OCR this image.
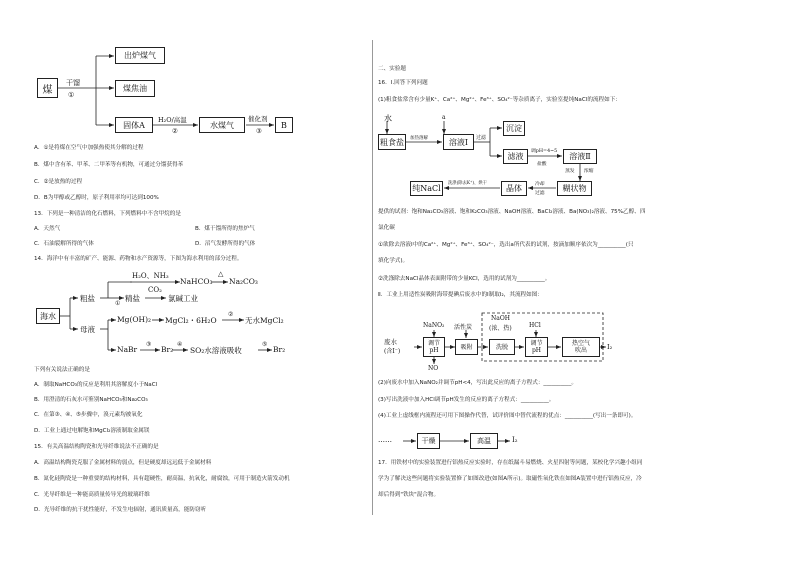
煤
干馏
①
出炉煤气
煤焦油
固体A
H₂O/高温
②
水煤气
催化剂
③
B
A．①是将煤在空气中加强热使其分解的过程
B．煤中含有苯、甲苯、二甲苯等有机物，可通过分馏获得苯
C．②是放热的过程
D．B为甲醇或乙醇时，原子利用率均可达到100%
13．下列是一种清洁的化石燃料，下列燃料中不含甲烷的是
A．天然气	B．煤干馏所得的焦炉气
C．石油裂解所得的气体	D．沼气发酵所得的气体
14．海洋中有丰富的矿产、能源、药物和水产资源等，下图为海水利用的部分过程。
海水
粗盐
①
H₂O、NH₃
CO₂
NaHCO₃
△
Na₂CO₃
精盐	氯碱工业
母液
Mg(OH)₂ MgCl₂・6H₂O
②
无水MgCl₂
NaBr
③
Br₂
④
SO₂水溶液吸收
⑤
Br₂
下列有关说法正确的是
A．制取NaHCO₃的反应是利用其溶解度小于NaCl
B．用澄清的石灰水可鉴别NaHCO₃和Na₂CO₃
C．在第③、④、⑤步骤中，溴元素均被氧化
D．工业上通过电解饱和MgCl₂溶液制取金属镁
15．有关高温结构陶瓷和光导纤维说法不正确的是
A．高温结构陶瓷克服了金属材料的弱点，但是硬度却远远低于金属材料
B．氮化硅陶瓷是一种重要的结构材料，具有超硬性，耐高温，抗氧化，耐腐蚀，可用于制造火箭发动机
C．光导纤维是一种能高质量传导光的玻璃纤维
D．光导纤维的抗干扰性能好，不发生电辐射，通讯质量高，能防窃听
二、实验题
16．I.回答下列问题
(1)粗食盐常含有少量K⁺、Ca²⁺、Mg²⁺、Fe³⁺、SO₄²⁻等杂质离子，实验室提纯NaCl的流程如下：
水	a
粗食盐 加热溶解	溶液Ⅰ 过滤
沉淀
滤液
调pH=4~5
盐酸
溶液Ⅱ
蒸发 浓缩
糊状物
冷却
过滤
晶体
洗涤(除去K⁺)、烘干
纯NaCl
提供的试剂：饱和Na₂CO₃溶液、饱和K₂CO₃溶液、NaOH溶液、BaCl₂溶液、Ba(NO₃)₂溶液、75%乙醇、四
氯化碳
①欲除去溶液Ⅰ中的Ca²⁺、Mg²⁺、Fe³⁺、SO₄²⁻，选出a所代表的试剂，按滴加顺序依次为__________(只
填化学式)。
②洗涤除去NaCl晶体表面附带的少量KCl，选用的试剂为__________。
Ⅱ．工业上用适性炭吸附海带提碘后废水中的I制取I₂，其流程如图：
废水
(含I⁻)
NaNO₂
调节
pH
NO
活性炭
吸附
NaOH
(浓、热)
洗脱
HCl
调节
pH
热空气
吹出	I₂
(2)向废水中加入NaNO₂并调节pH<4，写出此反应的离子方程式：__________。
(3)写出洗液中加入HCl调节pH发生的反应的离子方程式：__________。
(4)工业上虚线框内流程还可用下图操作代替，试评价图中替代流程的优点：__________(写出一条即可)。
……	干燥	高温	I₂
17．用铁材中的实验装置进行铝热反应实验时，存在纸漏斗易燃烧、火星四射等问题，某校化学兴趣小组同
学为了解决这些问题将实验装置修了如图改进(如图A所示)。取磁性氧化铁在如图A装置中进行铝热反应，冷
却后得到"铁块"混合物。
